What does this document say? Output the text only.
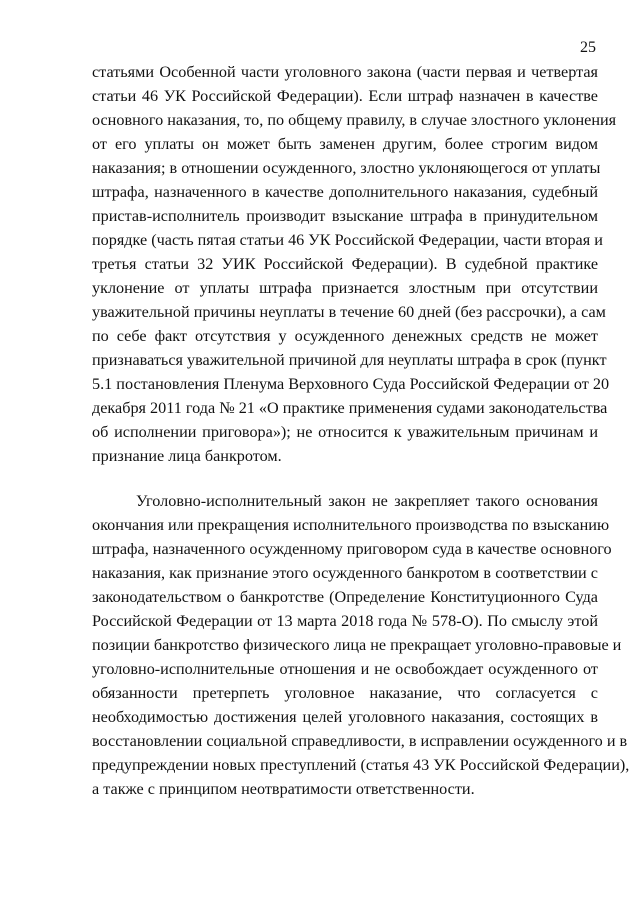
25
статьями Особенной части уголовного закона (части первая и четвертая
статьи 46 УК Российской Федерации). Если штраф назначен в качестве
основного наказания, то, по общему правилу, в случае злостного уклонения
от его уплаты он может быть заменен другим, более строгим видом
наказания; в отношении осужденного, злостно уклоняющегося от уплаты
штрафа, назначенного в качестве дополнительного наказания, судебный
пристав-исполнитель производит взыскание штрафа в принудительном
порядке (часть пятая статьи 46 УК Российской Федерации, части вторая и
третья статьи 32 УИК Российской Федерации). В судебной практике
уклонение от уплаты штрафа признается злостным при отсутствии
уважительной причины неуплаты в течение 60 дней (без рассрочки), а сам
по себе факт отсутствия у осужденного денежных средств не может
признаваться уважительной причиной для неуплаты штрафа в срок (пункт
5.1 постановления Пленума Верховного Суда Российской Федерации от 20
декабря 2011 года № 21 «О практике применения судами законодательства
об исполнении приговора»); не относится к уважительным причинам и
признание лица банкротом.
Уголовно-исполнительный закон не закрепляет такого основания
окончания или прекращения исполнительного производства по взысканию
штрафа, назначенного осужденному приговором суда в качестве основного
наказания, как признание этого осужденного банкротом в соответствии с
законодательством о банкротстве (Определение Конституционного Суда
Российской Федерации от 13 марта 2018 года № 578-О). По смыслу этой
позиции банкротство физического лица не прекращает уголовно-правовые и
уголовно-исполнительные отношения и не освобождает осужденного от
обязанности претерпеть уголовное наказание, что согласуется с
необходимостью достижения целей уголовного наказания, состоящих в
восстановлении социальной справедливости, в исправлении осужденного и в
предупреждении новых преступлений (статья 43 УК Российской Федерации),
а также с принципом неотвратимости ответственности.
